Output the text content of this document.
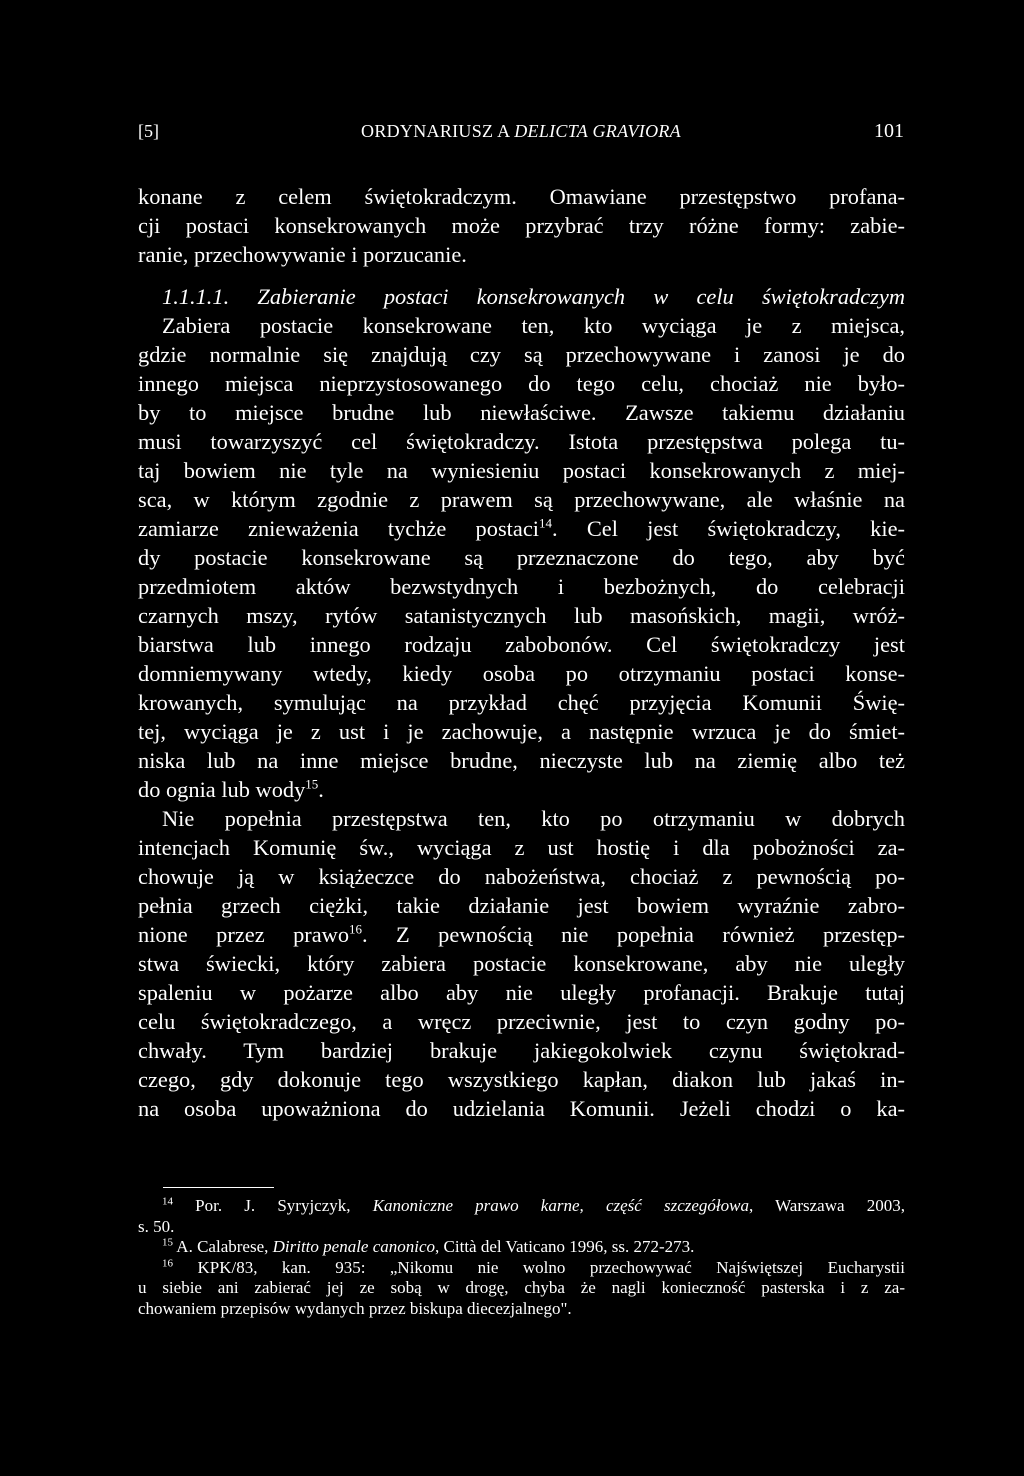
[5]	ORDYNARIUSZ A DELICTA GRAVIORA	101
konane z celem świętokradczym. Omawiane przestępstwo profana-
cji postaci konsekrowanych może przybrać trzy różne formy: zabie-
ranie, przechowywanie i porzucanie.
1.1.1.1. Zabieranie postaci konsekrowanych w celu świętokradczym
Zabiera postacie konsekrowane ten, kto wyciąga je z miejsca,
gdzie normalnie się znajdują czy są przechowywane i zanosi je do
innego miejsca nieprzystosowanego do tego celu, chociaż nie było-
by to miejsce brudne lub niewłaściwe. Zawsze takiemu działaniu
musi towarzyszyć cel świętokradczy. Istota przestępstwa polega tu-
taj bowiem nie tyle na wyniesieniu postaci konsekrowanych z miej-
sca, w którym zgodnie z prawem są przechowywane, ale właśnie na
zamiarze znieważenia tychże postaci$^{14}$. Cel jest świętokradczy, kie-
dy postacie konsekrowane są przeznaczone do tego, aby być
przedmiotem aktów bezwstydnych i bezbożnych, do celebracji
czarnych mszy, rytów satanistycznych lub masońskich, magii, wróż-
biarstwa lub innego rodzaju zabobonów. Cel świętokradczy jest
domniemywany wtedy, kiedy osoba po otrzymaniu postaci konse-
krowanych, symulując na przykład chęć przyjęcia Komunii Świę-
tej, wyciąga je z ust i je zachowuje, a następnie wrzuca je do śmiet-
niska lub na inne miejsce brudne, nieczyste lub na ziemię albo też
do ognia lub wody$^{15}$.
Nie popełnia przestępstwa ten, kto po otrzymaniu w dobrych
intencjach Komunię św., wyciąga z ust hostię i dla pobożności za-
chowuje ją w książeczce do nabożeństwa, chociaż z pewnością po-
pełnia grzech ciężki, takie działanie jest bowiem wyraźnie zabro-
nione przez prawo$^{16}$. Z pewnością nie popełnia również przestęp-
stwa świecki, który zabiera postacie konsekrowane, aby nie uległy
spaleniu w pożarze albo aby nie uległy profanacji. Brakuje tutaj
celu świętokradczego, a wręcz przeciwnie, jest to czyn godny po-
chwały. Tym bardziej brakuje jakiegokolwiek czynu świętokrad-
czego, gdy dokonuje tego wszystkiego kapłan, diakon lub jakaś in-
na osoba upoważniona do udzielania Komunii. Jeżeli chodzi o ka-
$^{14}$ Por. J. Syryjczyk, Kanoniczne prawo karne, część szczegółowa, Warszawa 2003,
s. 50.
$^{15}$ A. Calabrese, Diritto penale canonico, Città del Vaticano 1996, ss. 272-273.
$^{16}$ KPK/83, kan. 935: „Nikomu nie wolno przechowywać Najświętszej Eucharystii
u siebie ani zabierać jej ze sobą w drogę, chyba że nagli konieczność pasterska i z za-
chowaniem przepisów wydanych przez biskupa diecezjalnego".
